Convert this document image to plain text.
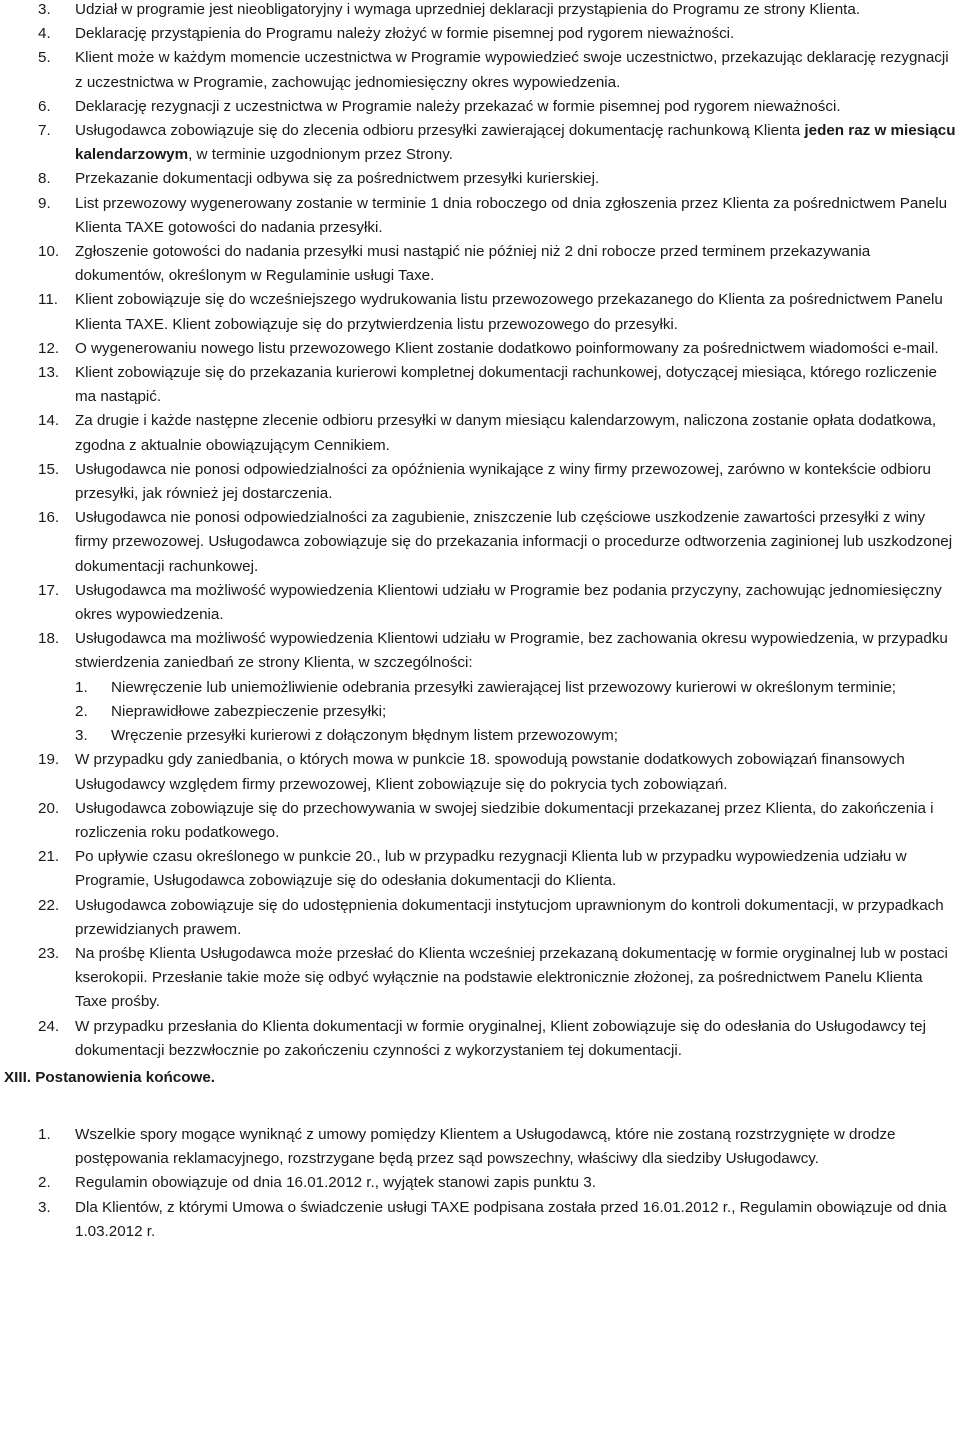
3. Udział w programie jest nieobligatoryjny i wymaga uprzedniej deklaracji przystąpienia do Programu ze strony Klienta.
4. Deklarację przystąpienia do Programu należy złożyć w formie pisemnej pod rygorem nieważności.
5. Klient może w każdym momencie uczestnictwa w Programie wypowiedzieć swoje uczestnictwo, przekazując deklarację rezygnacji z uczestnictwa w Programie, zachowując jednomiesięczny okres wypowiedzenia.
6. Deklarację rezygnacji z uczestnictwa w Programie należy przekazać w formie pisemnej pod rygorem nieważności.
7. Usługodawca zobowiązuje się do zlecenia odbioru przesyłki zawierającej dokumentację rachunkową Klienta jeden raz w miesiącu kalendarzowym, w terminie uzgodnionym przez Strony.
8. Przekazanie dokumentacji odbywa się za pośrednictwem przesyłki kurierskiej.
9. List przewozowy wygenerowany zostanie w terminie 1 dnia roboczego od dnia zgłoszenia przez Klienta za pośrednictwem Panelu Klienta TAXE gotowości do nadania przesyłki.
10. Zgłoszenie gotowości do nadania przesyłki musi nastąpić nie później niż 2 dni robocze przed terminem przekazywania dokumentów, określonym w Regulaminie usługi Taxe.
11. Klient zobowiązuje się do wcześniejszego wydrukowania listu przewozowego przekazanego do Klienta za pośrednictwem Panelu Klienta TAXE. Klient zobowiązuje się do przytwierdzenia listu przewozowego do przesyłki.
12. O wygenerowaniu nowego listu przewozowego Klient zostanie dodatkowo poinformowany za pośrednictwem wiadomości e-mail.
13. Klient zobowiązuje się do przekazania kurierowi kompletnej dokumentacji rachunkowej, dotyczącej miesiąca, którego rozliczenie ma nastąpić.
14. Za drugie i każde następne zlecenie odbioru przesyłki w danym miesiącu kalendarzowym, naliczona zostanie opłata dodatkowa, zgodna z aktualnie obowiązującym Cennikiem.
15. Usługodawca nie ponosi odpowiedzialności za opóźnienia wynikające z winy firmy przewozowej, zarówno w kontekście odbioru przesyłki, jak również jej dostarczenia.
16. Usługodawca nie ponosi odpowiedzialności za zagubienie, zniszczenie lub częściowe uszkodzenie zawartości przesyłki z winy firmy przewozowej. Usługodawca zobowiązuje się do przekazania informacji o procedurze odtworzenia zaginionej lub uszkodzonej dokumentacji rachunkowej.
17. Usługodawca ma możliwość wypowiedzenia Klientowi udziału w Programie bez podania przyczyny, zachowując jednomiesięczny okres wypowiedzenia.
18. Usługodawca ma możliwość wypowiedzenia Klientowi udziału w Programie, bez zachowania okresu wypowiedzenia, w przypadku stwierdzenia zaniedbań ze strony Klienta, w szczególności:
1. Niewręczenie lub uniemożliwienie odebrania przesyłki zawierającej list przewozowy kurierowi w określonym terminie;
2. Nieprawidłowe zabezpieczenie przesyłki;
3. Wręczenie przesyłki kurierowi z dołączonym błędnym listem przewozowym;
19. W przypadku gdy zaniedbania, o których mowa w punkcie 18. spowodują powstanie dodatkowych zobowiązań finansowych Usługodawcy względem firmy przewozowej, Klient zobowiązuje się do pokrycia tych zobowiązań.
20. Usługodawca zobowiązuje się do przechowywania w swojej siedzibie dokumentacji przekazanej przez Klienta, do zakończenia i rozliczenia roku podatkowego.
21. Po upływie czasu określonego w punkcie 20., lub w przypadku rezygnacji Klienta lub w przypadku wypowiedzenia udziału w Programie, Usługodawca zobowiązuje się do odesłania dokumentacji do Klienta.
22. Usługodawca zobowiązuje się do udostępnienia dokumentacji instytucjom uprawnionym do kontroli dokumentacji, w przypadkach przewidzianych prawem.
23. Na prośbę Klienta Usługodawca może przesłać do Klienta wcześniej przekazaną dokumentację w formie oryginalnej lub w postaci kserokopii. Przesłanie takie może się odbyć wyłącznie na podstawie elektronicznie złożonej, za pośrednictwem Panelu Klienta Taxe prośby.
24. W przypadku przesłania do Klienta dokumentacji w formie oryginalnej, Klient zobowiązuje się do odesłania do Usługodawcy tej dokumentacji bezzwłocznie po zakończeniu czynności z wykorzystaniem tej dokumentacji.
XIII. Postanowienia końcowe.
1. Wszelkie spory mogące wyniknąć z umowy pomiędzy Klientem a Usługodawcą, które nie zostaną rozstrzygnięte w drodze postępowania reklamacyjnego, rozstrzygane będą przez sąd powszechny, właściwy dla siedziby Usługodawcy.
2. Regulamin obowiązuje od dnia 16.01.2012 r., wyjątek stanowi zapis punktu 3.
3. Dla Klientów, z którymi Umowa o świadczenie usługi TAXE podpisana została przed 16.01.2012 r., Regulamin obowiązuje od dnia 1.03.2012 r.
